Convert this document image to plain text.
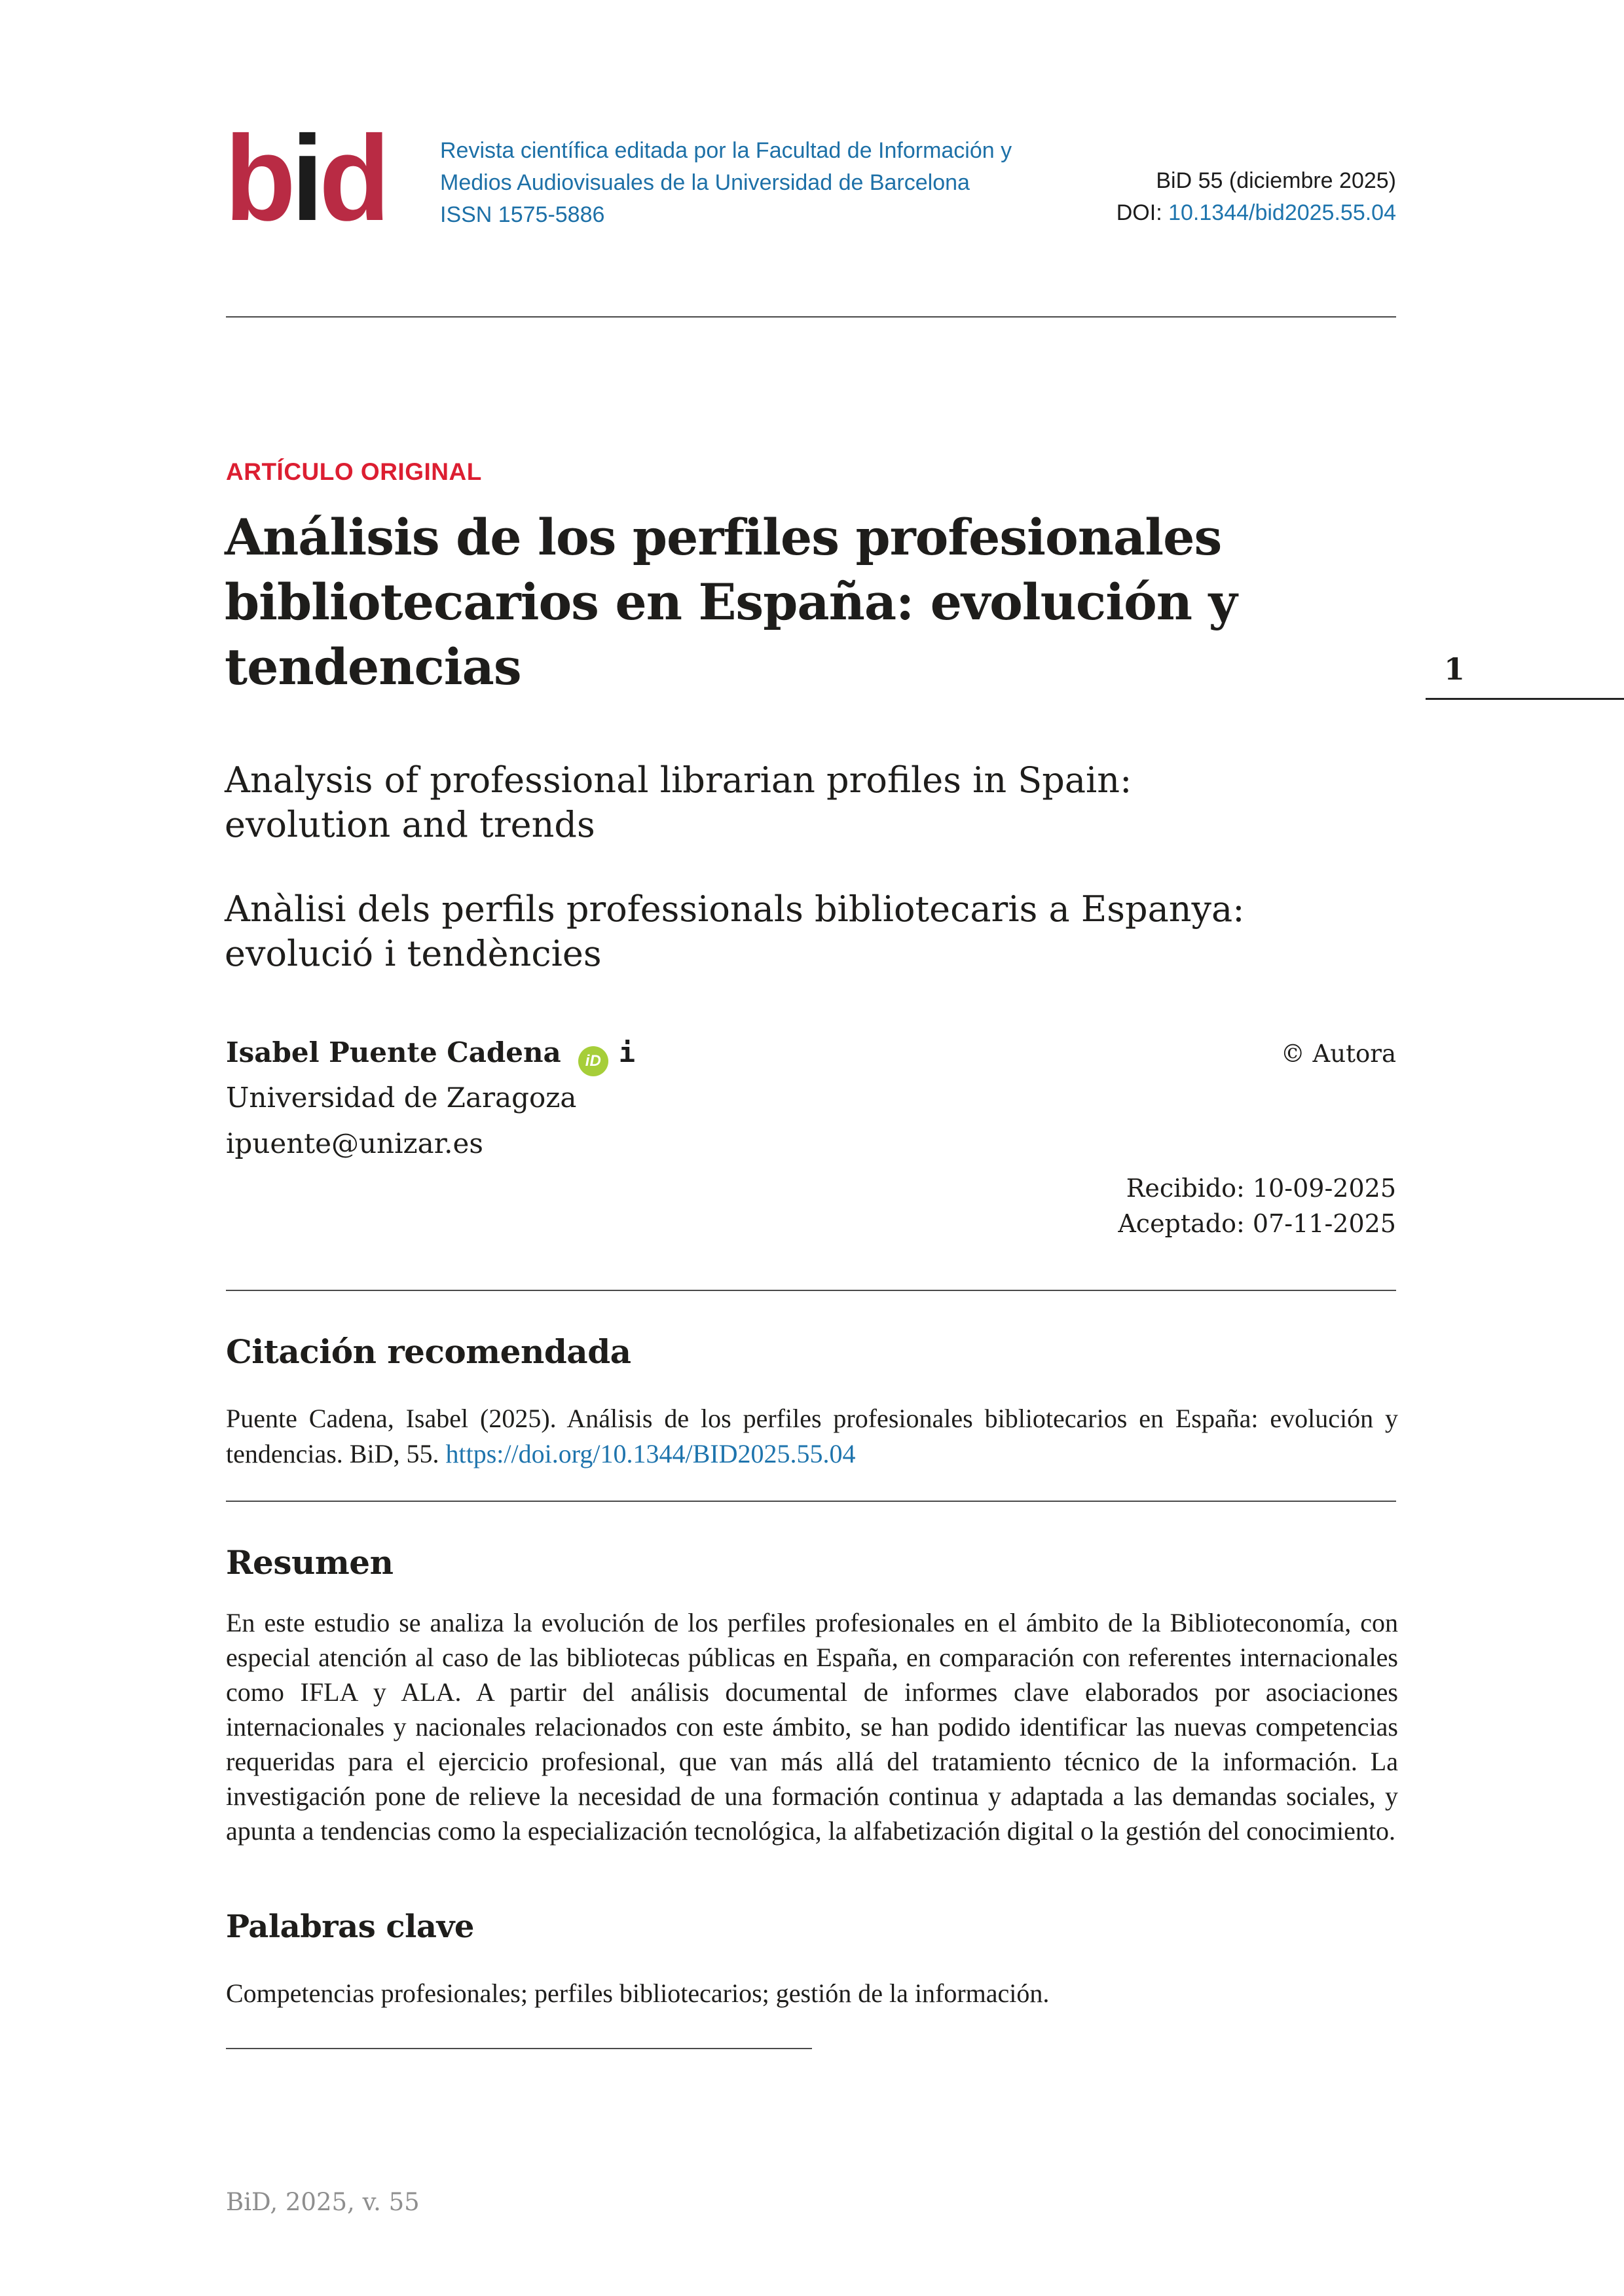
bid Revista científica editada por la Facultad de Información y
Medios Audiovisuales de la Universidad de Barcelona
ISSN 1575-5886
BiD 55 (diciembre 2025)
DOI: 10.1344/bid2025.55.04
ARTÍCULO ORIGINAL
Análisis de los perfiles profesionales bibliotecarios en España: evolución y tendencias	1
Analysis of professional librarian profiles in Spain: evolution and trends
Anàlisi dels perfils professionals bibliotecaris a Espanya: evolució i tendències
Isabel Puente Cadena iD i	© Autora
Universidad de Zaragoza
ipuente@unizar.es
Recibido: 10-09-2025
Aceptado: 07-11-2025
Citación recomendada
Puente Cadena, Isabel (2025). Análisis de los perfiles profesionales bibliotecarios en España: evolución y tendencias. BiD, 55. https://doi.org/10.1344/BID2025.55.04
Resumen
En este estudio se analiza la evolución de los perfiles profesionales en el ámbito de la Biblioteconomía, con especial atención al caso de las bibliotecas públicas en España, en comparación con referentes internacionales como IFLA y ALA. A partir del análisis documental de informes clave elaborados por asociaciones internacionales y nacionales relacionados con este ámbito, se han podido identificar las nuevas competencias requeridas para el ejercicio profesional, que van más allá del tratamiento técnico de la información. La investigación pone de relieve la necesidad de una formación continua y adaptada a las demandas sociales, y apunta a tendencias como la especialización tecnológica, la alfabetización digital o la gestión del conocimiento.
Palabras clave
Competencias profesionales; perfiles bibliotecarios; gestión de la información.
BiD, 2025, v. 55
